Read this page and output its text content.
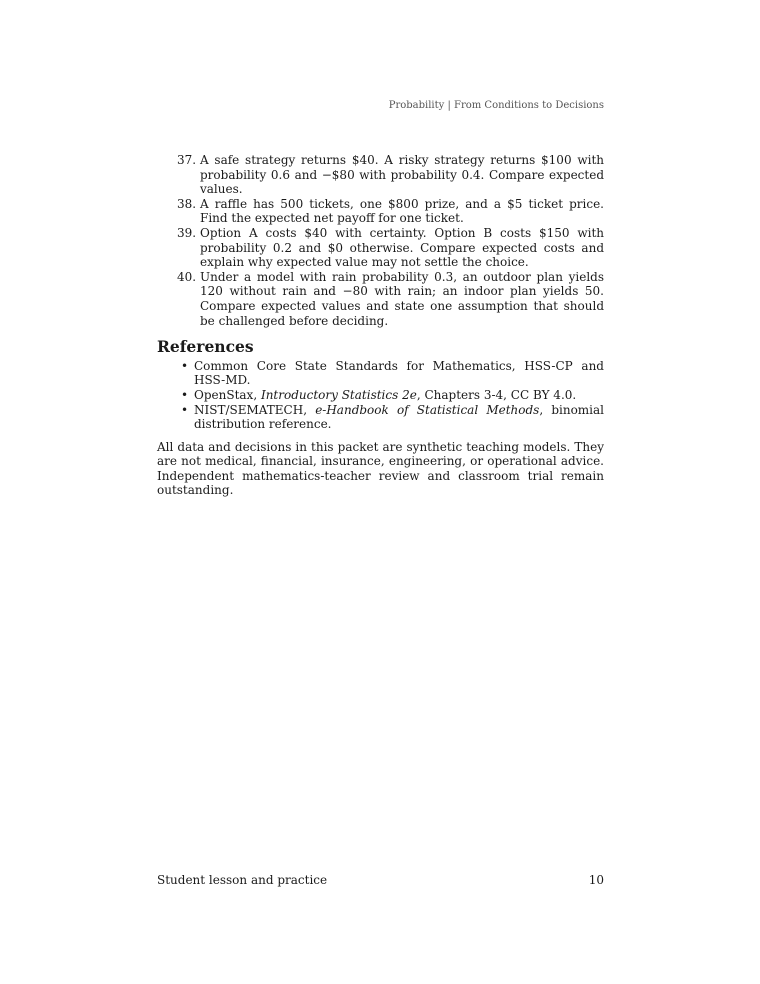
Probability | From Conditions to Decisions
37. A safe strategy returns $40. A risky strategy returns $100 with probability 0.6 and −$80 with probability 0.4. Compare expected values.
38. A raffle has 500 tickets, one $800 prize, and a $5 ticket price. Find the expected net payoff for one ticket.
39. Option A costs $40 with certainty. Option B costs $150 with probability 0.2 and $0 otherwise. Compare expected costs and explain why expected value may not settle the choice.
40. Under a model with rain probability 0.3, an outdoor plan yields 120 without rain and −80 with rain; an indoor plan yields 50. Compare expected values and state one assumption that should be challenged before deciding.
References
• Common Core State Standards for Mathematics, HSS-CP and HSS-MD.
• OpenStax, Introductory Statistics 2e, Chapters 3-4, CC BY 4.0.
• NIST/SEMATECH, e-Handbook of Statistical Methods, binomial distribution reference.

All data and decisions in this packet are synthetic teaching models. They are not medical, financial, insurance, engineering, or operational advice. Independent mathematics-teacher review and classroom trial remain outstanding.

Student lesson and practice	10
